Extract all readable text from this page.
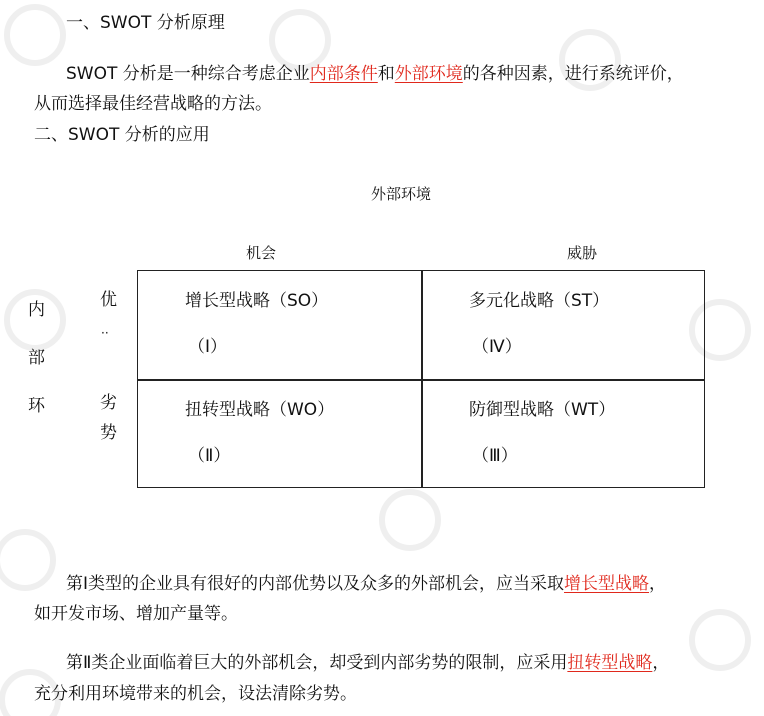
一、SWOT 分析原理
SWOT 分析是一种综合考虑企业内部条件和外部环境的各种因素，进行系统评价，
从而选择最佳经营战略的方法。
二、SWOT 分析的应用
外部环境
机会	威胁
内
部
环
优
··
劣
势
增长型战略（SO）
（Ⅰ）
多元化战略（ST）
（Ⅳ）
扭转型战略（WO）
（Ⅱ）
防御型战略（WT）
（Ⅲ）
第Ⅰ类型的企业具有很好的内部优势以及众多的外部机会，应当采取增长型战略，
如开发市场、增加产量等。
第Ⅱ类企业面临着巨大的外部机会，却受到内部劣势的限制，应采用扭转型战略，
充分利用环境带来的机会，设法清除劣势。
